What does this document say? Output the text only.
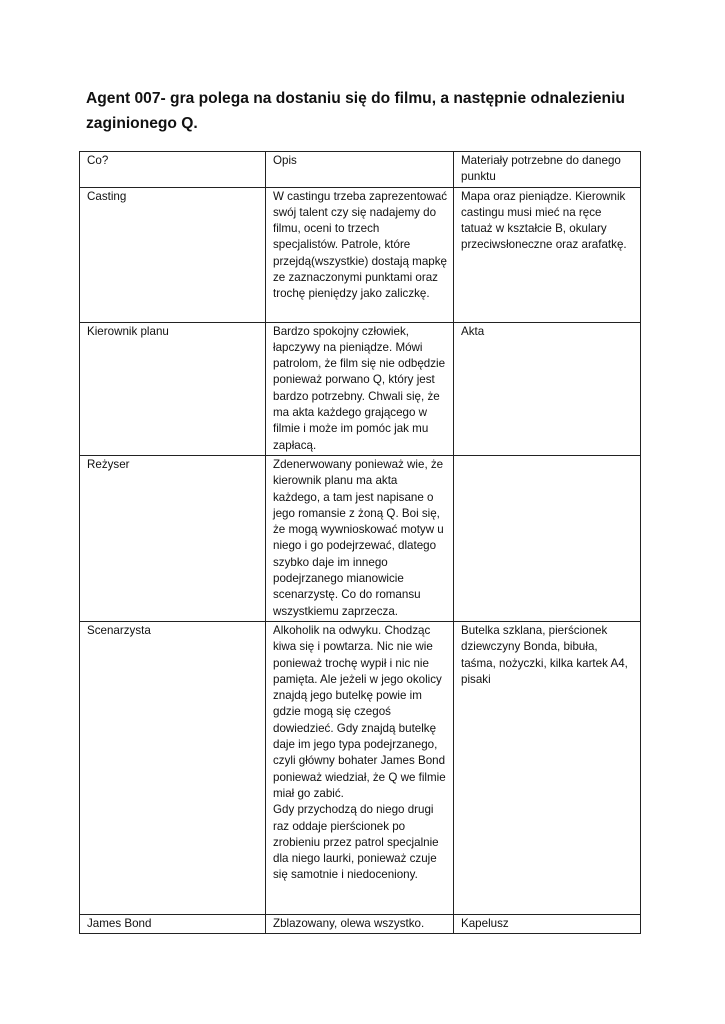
Agent 007- gra polega na dostaniu się do filmu, a następnie odnalezieniu zaginionego Q.
Co?	Opis	Materiały potrzebne do danego punktu
Casting	W castingu trzeba zaprezentować swój talent czy się nadajemy do filmu, oceni to trzech specjalistów. Patrole, które przejdą(wszystkie) dostają mapkę ze zaznaczonymi punktami oraz trochę pieniędzy jako zaliczkę.	Mapa oraz pieniądze. Kierownik castingu musi mieć na ręce tatuaż w kształcie B, okulary przeciwsłoneczne oraz arafatkę.
Kierownik planu	Bardzo spokojny człowiek, łapczywy na pieniądze. Mówi patrolom, że film się nie odbędzie ponieważ porwano Q, który jest bardzo potrzebny. Chwali się, że ma akta każdego grającego w filmie i może im pomóc jak mu zapłacą.	Akta
Reżyser	Zdenerwowany ponieważ wie, że kierownik planu ma akta każdego, a tam jest napisane o jego romansie z żoną Q. Boi się, że mogą wywnioskować motyw u niego i go podejrzewać, dlatego szybko daje im innego podejrzanego mianowicie scenarzystę. Co do romansu wszystkiemu zaprzecza.	
Scenarzysta	Alkoholik na odwyku. Chodząc kiwa się i powtarza. Nic nie wie ponieważ trochę wypił i nic nie pamięta. Ale jeżeli w jego okolicy znajdą jego butelkę powie im gdzie mogą się czegoś dowiedzieć. Gdy znajdą butelkę daje im jego typa podejrzanego, czyli główny bohater James Bond ponieważ wiedział, że Q we filmie miał go zabić.
Gdy przychodzą do niego drugi raz oddaje pierścionek po zrobieniu przez patrol specjalnie dla niego laurki, ponieważ czuje się samotnie i niedoceniony.	Butelka szklana, pierścionek dziewczyny Bonda, bibuła, taśma, nożyczki, kilka kartek A4, pisaki
James Bond	Zblazowany, olewa wszystko.	Kapelusz
